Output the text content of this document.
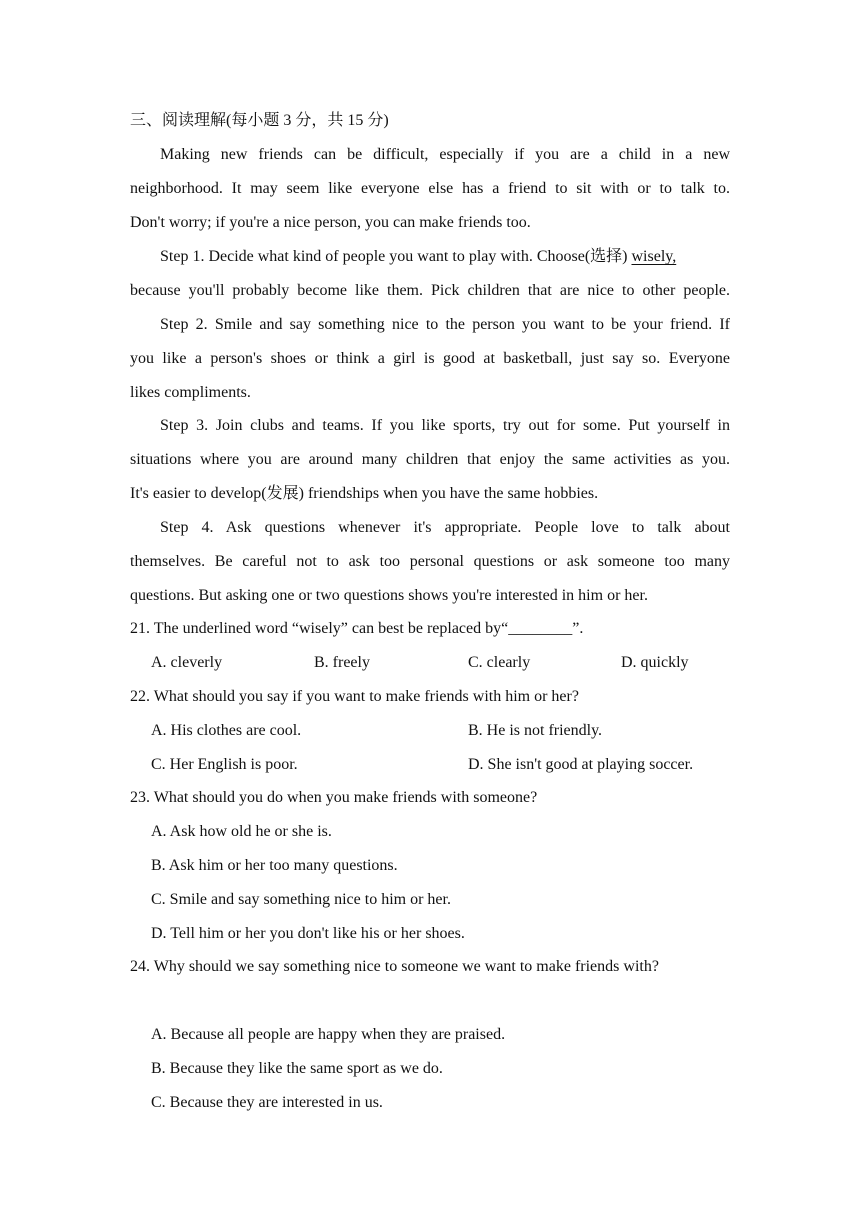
三、阅读理解(每小题 3 分，共 15 分)
Making new friends can be difficult, especially if you are a child in a new
neighborhood. It may seem like everyone else has a friend to sit with or to talk to.
Don't worry; if you're a nice person, you can make friends too.
Step 1. Decide what kind of people you want to play with. Choose(选择) wisely,
because you'll probably become like them. Pick children that are nice to other people.
Step 2. Smile and say something nice to the person you want to be your friend. If
you like a person's shoes or think a girl is good at basketball, just say so. Everyone
likes compliments.
Step 3. Join clubs and teams. If you like sports, try out for some. Put yourself in
situations where you are around many children that enjoy the same activities as you.
It's easier to develop(发展) friendships when you have the same hobbies.
Step 4. Ask questions whenever it's appropriate. People love to talk about
themselves. Be careful not to ask too personal questions or ask someone too many
questions. But asking one or two questions shows you're interested in him or her.
21. The underlined word “wisely” can best be replaced by“________”.
A. cleverly	B. freely	C. clearly	D. quickly
22. What should you say if you want to make friends with him or her?
A. His clothes are cool.	B. He is not friendly.
C. Her English is poor.	D. She isn't good at playing soccer.
23. What should you do when you make friends with someone?
A. Ask how old he or she is.
B. Ask him or her too many questions.
C. Smile and say something nice to him or her.
D. Tell him or her you don't like his or her shoes.
24. Why should we say something nice to someone we want to make friends with?
A. Because all people are happy when they are praised.
B. Because they like the same sport as we do.
C. Because they are interested in us.
